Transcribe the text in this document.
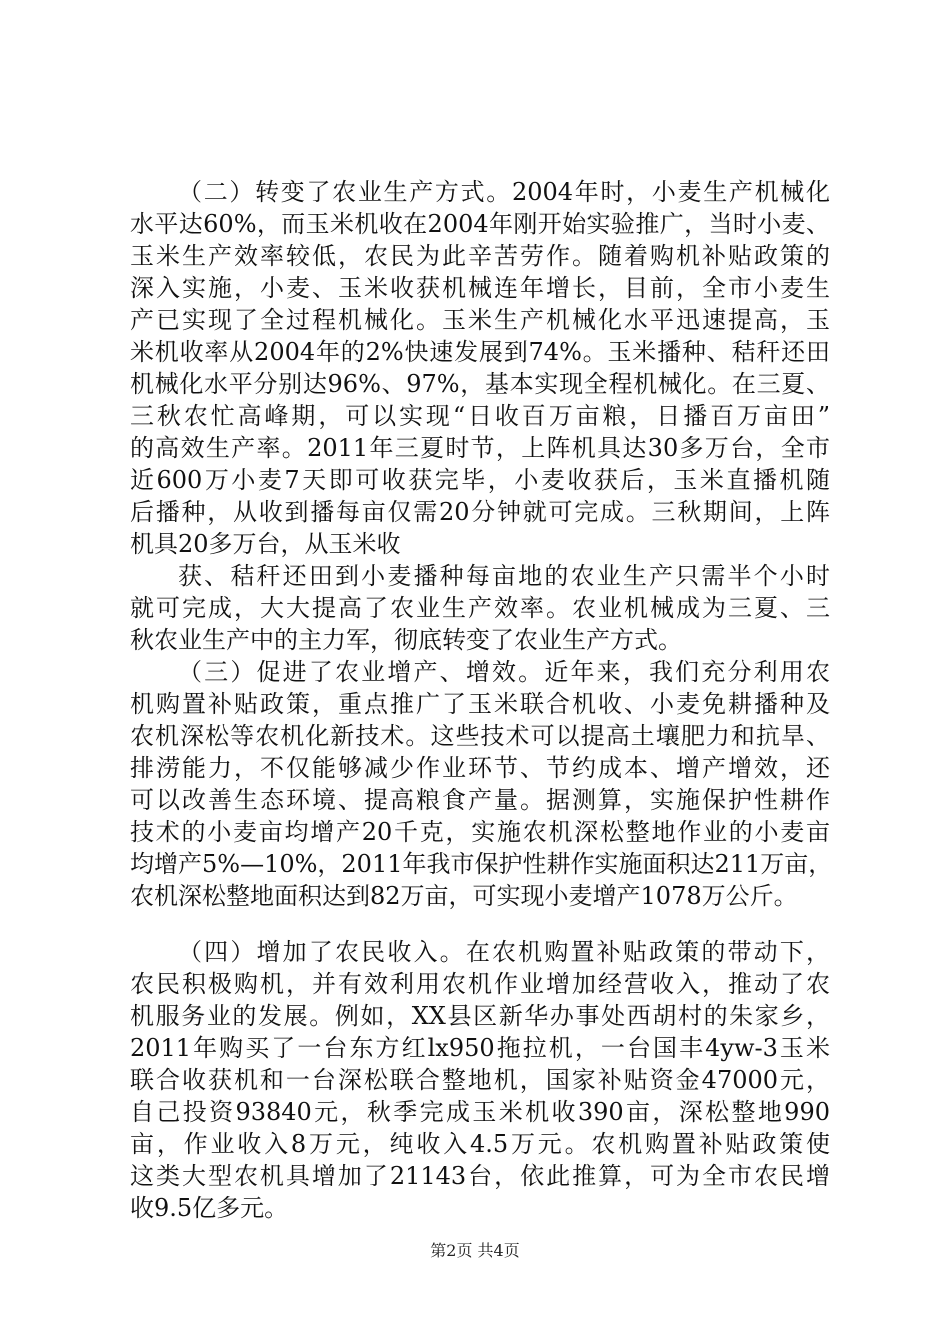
（二）转变了农业生产方式。2004年时，小麦生产机械化
水平达60%，而玉米机收在2004年刚开始实验推广，当时小麦、
玉米生产效率较低，农民为此辛苦劳作。随着购机补贴政策的
深入实施，小麦、玉米收获机械连年增长，目前，全市小麦生
产已实现了全过程机械化。玉米生产机械化水平迅速提高，玉
米机收率从2004年的2%快速发展到74%。玉米播种、秸秆还田
机械化水平分别达96%、97%，基本实现全程机械化。在三夏、
三秋农忙高峰期，可以实现“日收百万亩粮，日播百万亩田”
的高效生产率。2011年三夏时节，上阵机具达30多万台，全市
近600万小麦7天即可收获完毕，小麦收获后，玉米直播机随
后播种，从收到播每亩仅需20分钟就可完成。三秋期间，上阵
机具20多万台，从玉米收
获、秸秆还田到小麦播种每亩地的农业生产只需半个小时
就可完成，大大提高了农业生产效率。农业机械成为三夏、三
秋农业生产中的主力军，彻底转变了农业生产方式。
（三）促进了农业增产、增效。近年来，我们充分利用农
机购置补贴政策，重点推广了玉米联合机收、小麦免耕播种及
农机深松等农机化新技术。这些技术可以提高土壤肥力和抗旱、
排涝能力，不仅能够减少作业环节、节约成本、增产增效，还
可以改善生态环境、提高粮食产量。据测算，实施保护性耕作
技术的小麦亩均增产20千克，实施农机深松整地作业的小麦亩
均增产5%—10%，2011年我市保护性耕作实施面积达211万亩，
农机深松整地面积达到82万亩，可实现小麦增产1078万公斤。
（四）增加了农民收入。在农机购置补贴政策的带动下，
农民积极购机，并有效利用农机作业增加经营收入，推动了农
机服务业的发展。例如，XX县区新华办事处西胡村的朱家乡，
2011年购买了一台东方红lx950拖拉机，一台国丰4yw-3玉米
联合收获机和一台深松联合整地机，国家补贴资金47000元，
自己投资93840元，秋季完成玉米机收390亩，深松整地990
亩，作业收入8万元，纯收入4.5万元。农机购置补贴政策使
这类大型农机具增加了21143台，依此推算，可为全市农民增
收9.5亿多元。
第2页 共4页
